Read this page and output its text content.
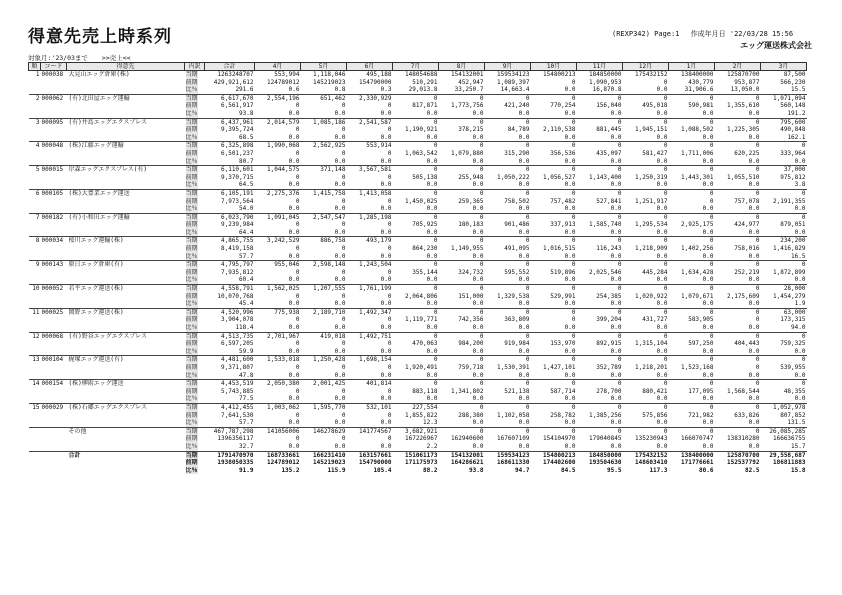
得意先売上時系列	(REXP342) Page:1　 作成年月日 '22/03/28 15:56
エッグ運送株式会社
対象月:'23/03まで >>売上<<
順	コード	得意先	内訳	合計	4月	5月	6月	7月	8月	9月	10月	11月	12月	1月	2月	3月
1	000038	大見山エッグ倉庫(株)	当期	1263248707	553,994	1,118,046	495,188	148054688	154132001	159534123	154800213	184850000	175432152	138400000	125870700	87,500
			前期	429,921,612	124789012	145219023	154790000	510,291	452,947	1,089,397	0	1,090,953	0	430,779	953,877	566,230
			比％	291.6	0.6	0.8	0.3	29,013.8	33,250.7	14,663.4	0.0	16,870.8	0.0	31,906.6	13,050.0	15.5
2	000062	(有)北田屋エッグ運輸	当期	6,617,670	2,554,196	651,462	2,330,929	0	0	0	0	0	0	0	0	1,071,094
			前期	6,561,917	0	0	0	817,871	1,773,756	421,240	770,254	156,040	495,018	590,981	1,355,610	560,148
			比％	93.8	0.0	0.0	0.0	0.0	0.0	0.0	0.0	0.0	0.0	0.0	0.0	191.2
3	000095	(有)井島エッグエクスプレス	当期	6,437,961	2,014,579	1,085,186	2,541,587	0	0	0	0	0	0	0	0	795,600
			前期	9,395,724	0	0	0	1,190,921	378,215	84,789	2,110,538	881,445	1,945,151	1,088,502	1,225,305	490,848
			比％	68.5	0.0	0.0	0.0	0.0	0.0	0.0	0.0	0.0	0.0	0.0	0.0	162.1
4	000048	(株)江藤エッグ運輸	当期	6,325,898	1,990,068	2,562,925	553,914	0	0	0	0	0	0	0	0	0
			前期	6,501,237	0	0	0	1,063,542	1,079,880	315,290	356,536	435,097	581,427	1,711,006	620,225	333,964
			比％	80.7	0.0	0.0	0.0	0.0	0.0	0.0	0.0	0.0	0.0	0.0	0.0	0.0
5	000015	岸森エッグエクスプレス(有)	当期	6,110,601	1,044,575	371,148	3,567,581	0	0	0	0	0	0	0	0	37,000
			前期	9,370,715	0	0	0	505,138	255,948	1,050,222	1,056,527	1,143,400	1,250,319	1,443,301	1,055,510	975,812
			比％	64.5	0.0	0.0	0.0	0.0	0.0	0.0	0.0	0.0	0.0	0.0	0.0	3.8
6	000105	(株)大豊業エッグ運送	当期	6,105,191	2,275,376	1,415,758	1,413,058	0	0	0	0	0	0	0	0	0
			前期	7,973,564	0	0	0	1,450,025	259,365	758,502	757,482	527,841	1,251,917	0	757,078	2,191,355
			比％	54.0	0.0	0.0	0.0	0.0	0.0	0.0	0.0	0.0	0.0	0.0	0.0	0.0
7	000182	(有)小和田エッグ運輸	当期	6,023,790	1,091,045	2,547,547	1,285,198	0	0	0	0	0	0	0	0	0
			前期	9,239,984	0	0	0	705,925	180,183	901,486	337,913	1,585,740	1,295,534	2,925,175	424,977	879,051
			比％	64.4	0.0	0.0	0.0	0.0	0.0	0.0	0.0	0.0	0.0	0.0	0.0	0.0
8	000034	桜川エッグ運輸(株)	当期	4,865,755	3,242,529	886,758	493,179	0	0	0	0	0	0	0	0	234,200
			前期	8,419,158	0	0	0	864,230	1,149,955	491,095	1,016,515	116,243	1,218,909	1,402,256	758,016	1,416,829
			比％	57.7	0.0	0.0	0.0	0.0	0.0	0.0	0.0	0.0	0.0	0.0	0.0	16.5
9	000143	原日エッグ倉庫(有)	当期	4,795,797	955,046	2,598,148	1,243,504	0	0	0	0	0	0	0	0	0
			前期	7,935,812	0	0	0	355,144	324,732	595,552	519,896	2,025,546	445,284	1,634,428	252,219	1,872,899
			比％	60.4	0.0	0.0	0.0	0.0	0.0	0.0	0.0	0.0	0.0	0.0	0.0	0.0
10	000052	若平エッグ運送(株)	当期	4,558,791	1,562,025	1,207,555	1,761,199	0	0	0	0	0	0	0	0	28,000
			前期	10,070,768	0	0	0	2,064,806	151,000	1,329,538	529,991	254,385	1,020,922	1,079,671	2,175,609	1,454,279
			比％	45.4	0.0	0.0	0.0	0.0	0.0	0.0	0.0	0.0	0.0	0.0	0.0	1.9
11	000025	岡野エッグ運送(株)	当期	4,520,996	775,938	2,189,710	1,492,347	0	0	0	0	0	0	0	0	63,000
			前期	3,904,078	0	0	0	1,119,771	742,356	363,809	0	399,204	431,727	583,905	0	173,315
			比％	118.4	0.0	0.0	0.0	0.0	0.0	0.0	0.0	0.0	0.0	0.0	0.0	94.0
12	000068	(有)野谷エッグエクスプレス	当期	4,513,735	2,701,967	419,018	1,492,751	0	0	0	0	0	0	0	0	0
			前期	6,597,205	0	0	0	470,063	984,200	919,984	153,970	892,915	1,315,104	597,250	404,443	759,325
			比％	59.9	0.0	0.0	0.0	0.0	0.0	0.0	0.0	0.0	0.0	0.0	0.0	0.0
13	000104	梶塚エッグ運送(有)	当期	4,481,600	1,533,018	1,250,428	1,698,154	0	0	0	0	0	0	0	0	0
			前期	9,371,807	0	0	0	1,920,491	759,718	1,530,391	1,427,101	352,789	1,218,201	1,523,168	0	539,955
			比％	47.8	0.0	0.0	0.0	0.0	0.0	0.0	0.0	0.0	0.0	0.0	0.0	0.0
14	000154	(株)柳雨エッグ運送	当期	4,453,519	2,050,380	2,001,425	401,814	0	0	0	0	0	0	0	0	0
			前期	5,743,885	0	0	0	883,118	1,341,802	521,138	587,714	278,700	880,421	177,095	1,568,544	48,355
			比％	77.5	0.0	0.0	0.0	0.0	0.0	0.0	0.0	0.0	0.0	0.0	0.0	0.0
15	000029	(株)石郷エッグエクスプレス	当期	4,412,455	1,003,062	1,595,770	532,101	227,554	0	0	0	0	0	0	0	1,052,978
			前期	7,641,530	0	0	0	1,855,822	288,380	1,102,058	258,782	1,385,256	575,856	721,982	633,826	807,852
			比％	57.7	0.0	0.0	0.0	12.3	0.0	0.0	0.0	0.0	0.0	0.0	0.0	131.5
		その他	当期	467,787,298	141056006	146278629	141774567	3,682,921	0	0	0	0	0	0	0	26,085,285
			前期	1396356117	0	0	0	167226967	162940600	167607109	154104970	179040845	135230943	166070747	138310280	166636755
			比％	32.7	0.0	0.0	0.0	2.2	0.0	0.0	0.0	0.0	0.0	0.0	0.0	15.7
		合計	当期	1791470970	168733661	166231410	163157661	151061173	154132001	159534123	154800213	184850000	175432152	138400000	125870700	29,558,687
			前期	1938050335	124789012	145219023	154790000	171175973	164286621	168611330	174402600	193504630	148603410	171776661	152537792	186811883
			比％	91.9	135.2	115.9	105.4	88.2	93.8	94.7	84.5	95.5	117.3	80.6	82.5	15.8
